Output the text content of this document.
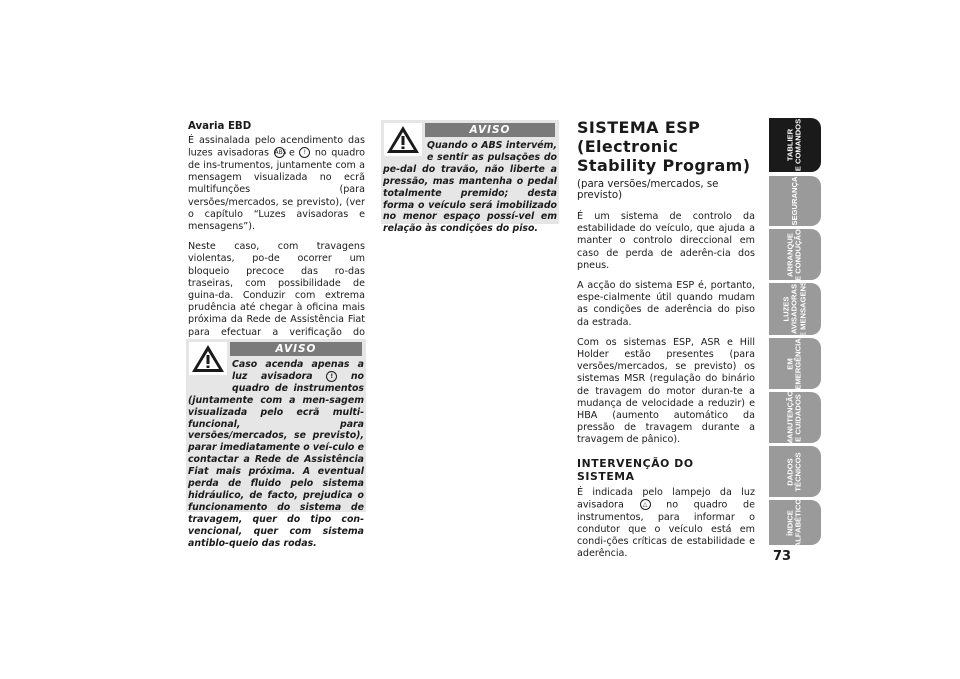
Avaria EBD

É assinalada pelo acendimento das luzes avisadoras ABS e ! no quadro de ins-trumentos, juntamente com a mensagem visualizada no ecrã multifunções (para versões/mercados, se previsto), (ver o capítulo “Luzes avisadoras e mensagens”).

Neste caso, com travagens violentas, po-de ocorrer um bloqueio precoce das ro-das traseiras, com possibilidade de guina-da. Conduzir com extrema prudência até chegar à oficina mais próxima da Rede de Assistência Fiat para efectuar a verificação do

AVISO
Caso acenda apenas a luz avisadora	! no quadro de instrumentos (juntamente com a men-sagem visualizada pelo ecrã multi-funcional, para versões/mercados, se previsto), parar imediatamente o veí-culo e contactar a Rede de Assistência Fiat mais próxima. A eventual perda de fluido pelo sistema hidráulico, de facto, prejudica o funcionamento do sistema de travagem, quer do tipo con-vencional, quer com sistema antiblo-queio das rodas.
AVISO
Quando o ABS intervém, e sentir as pulsações do pe-dal do travão, não liberte a pressão, mas mantenha o pedal totalmente premido; desta forma o veículo será imobilizado no menor espaço possí-vel em relação às condições do piso.
SISTEMA ESP (Electronic Stability Program)
(para versões/mercados, se previsto)

É um sistema de controlo da estabilidade do veículo, que ajuda a manter o controlo direccional em caso de perda de aderên-cia dos pneus.

A acção do sistema ESP é, portanto, espe-cialmente útil quando mudam as condições de aderência do piso da estrada.

Com os sistemas ESP, ASR e Hill Holder estão presentes (para versões/mercados, se previsto) os sistemas MSR (regulação do binário de travagem do motor duran-te a mudança de velocidade a reduzir) e HBA (aumento automático da pressão de travagem durante a travagem de pânico).

INTERVENÇÃO DO SISTEMA

É indicada pelo lampejo da luz avisadora	△ no quadro de instrumentos, para informar o condutor que o veículo está em condi-ções críticas de estabilidade e aderência.

TABLIER
E COMANDOS
SEGURANÇA
ARRANQUE
E CONDUÇÃO
LUZES
AVISADORAS
E MENSAGENS
EM
EMERGÊNCIA
MANUTENÇÃO
E CUIDADOS
DADOS
TÉCNICOS
ÍNDICE
ALFABÉTICO
73
